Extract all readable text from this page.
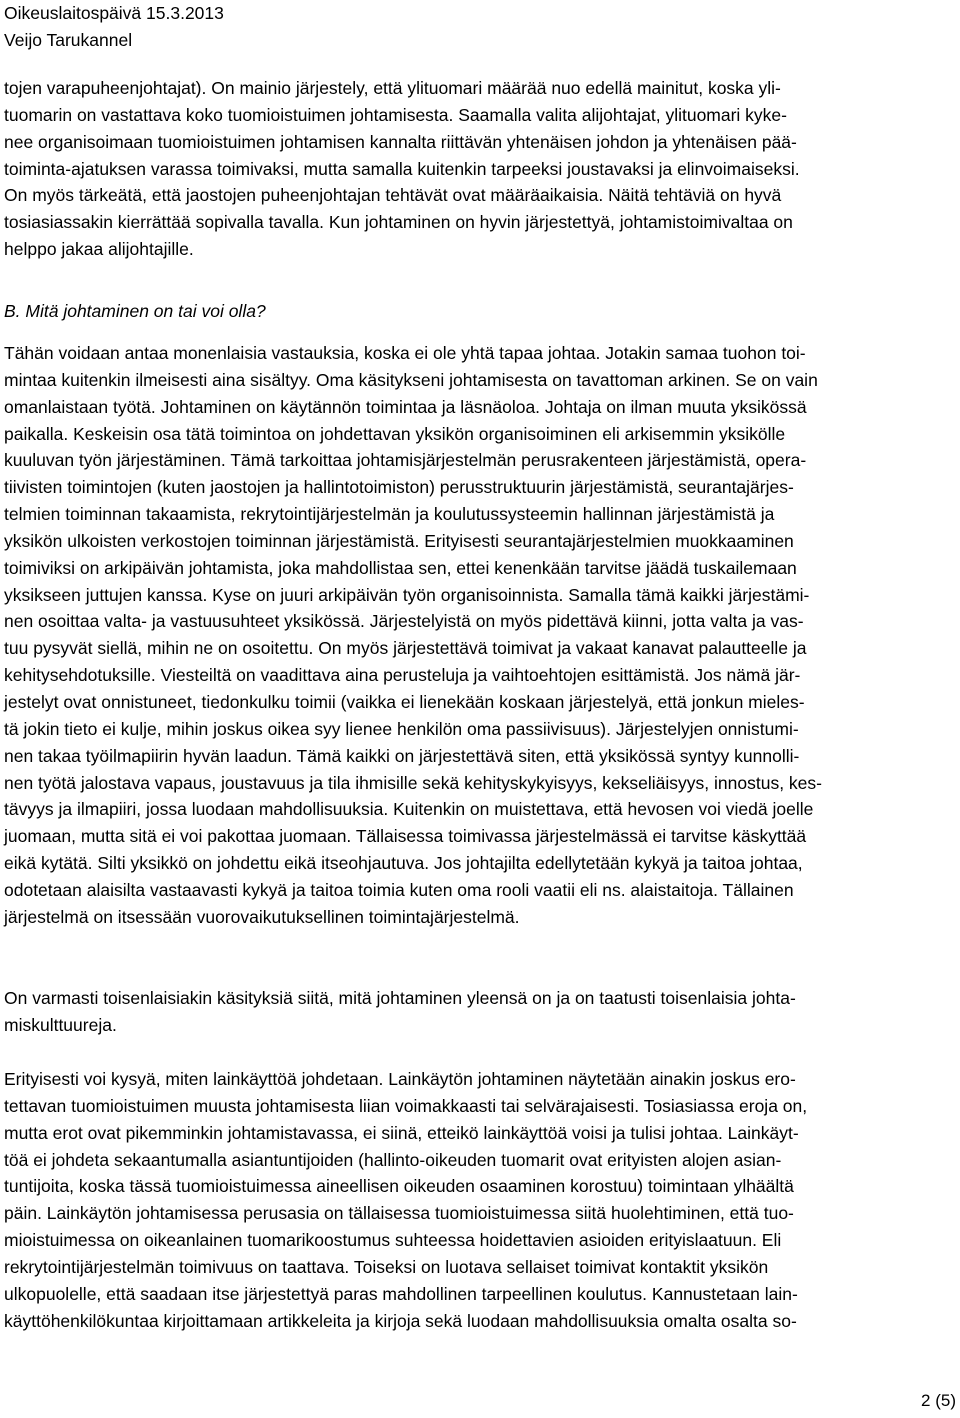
Oikeuslaitospäivä 15.3.2013
Veijo Tarukannel
tojen varapuheenjohtajat). On mainio järjestely, että ylituomari määrää nuo edellä mainitut, koska yli-
tuomarin on vastattava koko tuomioistuimen johtamisesta. Saamalla valita alijohtajat, ylituomari kyke-
nee organisoimaan tuomioistuimen johtamisen kannalta riittävän yhtenäisen johdon ja yhtenäisen pää-
toiminta-ajatuksen varassa toimivaksi, mutta samalla kuitenkin tarpeeksi joustavaksi ja elinvoimaiseksi.
On myös tärkeätä, että jaostojen puheenjohtajan tehtävät ovat määräaikaisia. Näitä tehtäviä on hyvä
tosiasiassakin kierrättää sopivalla tavalla. Kun johtaminen on hyvin järjestettyä, johtamistoimivaltaa on
helppo jakaa alijohtajille.
B. Mitä johtaminen on tai voi olla?
Tähän voidaan antaa monenlaisia vastauksia, koska ei ole yhtä tapaa johtaa. Jotakin samaa tuohon toi-
mintaa kuitenkin ilmeisesti aina sisältyy. Oma käsitykseni johtamisesta on tavattoman arkinen. Se on vain
omanlaistaan työtä. Johtaminen on käytännön toimintaa ja läsnäoloa. Johtaja on ilman muuta yksikössä
paikalla. Keskeisin osa tätä toimintoa on johdettavan yksikön organisoiminen eli arkisemmin yksikölle
kuuluvan työn järjestäminen. Tämä tarkoittaa johtamisjärjestelmän perusrakenteen järjestämistä, opera-
tiivisten toimintojen (kuten jaostojen ja hallintotoimiston) perusstruktuurin järjestämistä, seurantajärjes-
telmien toiminnan takaamista, rekrytointijärjestelmän ja koulutussysteemin hallinnan järjestämistä ja
yksikön ulkoisten verkostojen toiminnan järjestämistä. Erityisesti seurantajärjestelmien muokkaaminen
toimiviksi on arkipäivän johtamista, joka mahdollistaa sen, ettei kenenkään tarvitse jäädä tuskailemaan
yksikseen juttujen kanssa. Kyse on juuri arkipäivän työn organisoinnista. Samalla tämä kaikki järjestämi-
nen osoittaa valta- ja vastuusuhteet yksikössä. Järjestelyistä on myös pidettävä kiinni, jotta valta ja vas-
tuu pysyvät siellä, mihin ne on osoitettu. On myös järjestettävä toimivat ja vakaat kanavat palautteelle ja
kehitysehdotuksille. Viesteiltä on vaadittava aina perusteluja ja vaihtoehtojen esittämistä. Jos nämä jär-
jestelyt ovat onnistuneet, tiedonkulku toimii (vaikka ei lienekään koskaan järjestelyä, että jonkun mieles-
tä jokin tieto ei kulje, mihin joskus oikea syy lienee henkilön oma passiivisuus). Järjestelyjen onnistumi-
nen takaa työilmapiirin hyvän laadun. Tämä kaikki on järjestettävä siten, että yksikössä syntyy kunnolli-
nen työtä jalostava vapaus, joustavuus ja tila ihmisille sekä kehityskykyisyys, kekseliäisyys, innostus, kes-
tävyys ja ilmapiiri, jossa luodaan mahdollisuuksia. Kuitenkin on muistettava, että hevosen voi viedä joelle
juomaan, mutta sitä ei voi pakottaa juomaan. Tällaisessa toimivassa järjestelmässä ei tarvitse käskyttää
eikä kytätä. Silti yksikkö on johdettu eikä itseohjautuva. Jos johtajilta edellytetään kykyä ja taitoa johtaa,
odotetaan alaisilta vastaavasti kykyä ja taitoa toimia kuten oma rooli vaatii eli ns. alaistaitoja. Tällainen
järjestelmä on itsessään vuorovaikutuksellinen toimintajärjestelmä.
On varmasti toisenlaisiakin käsityksiä siitä, mitä johtaminen yleensä on ja on taatusti toisenlaisia johta-
miskulttuureja.
Erityisesti voi kysyä, miten lainkäyttöä johdetaan. Lainkäytön johtaminen näytetään ainakin joskus ero-
tettavan tuomioistuimen muusta johtamisesta liian voimakkaasti tai selvärajaisesti. Tosiasiassa eroja on,
mutta erot ovat pikemminkin johtamistavassa, ei siinä, etteikö lainkäyttöä voisi ja tulisi johtaa. Lainkäyt-
töä ei johdeta sekaantumalla asiantuntijoiden (hallinto-oikeuden tuomarit ovat erityisten alojen asian-
tuntijoita, koska tässä tuomioistuimessa aineellisen oikeuden osaaminen korostuu) toimintaan ylhäältä
päin. Lainkäytön johtamisessa perusasia on tällaisessa tuomioistuimessa siitä huolehtiminen, että tuo-
mioistuimessa on oikeanlainen tuomarikoostumus suhteessa hoidettavien asioiden erityislaatuun. Eli
rekrytointijärjestelmän toimivuus on taattava. Toiseksi on luotava sellaiset toimivat kontaktit yksikön
ulkopuolelle, että saadaan itse järjestettyä paras mahdollinen tarpeellinen koulutus. Kannustetaan lain-
käyttöhenkilökuntaa kirjoittamaan artikkeleita ja kirjoja sekä luodaan mahdollisuuksia omalta osalta so-
2 (5)
